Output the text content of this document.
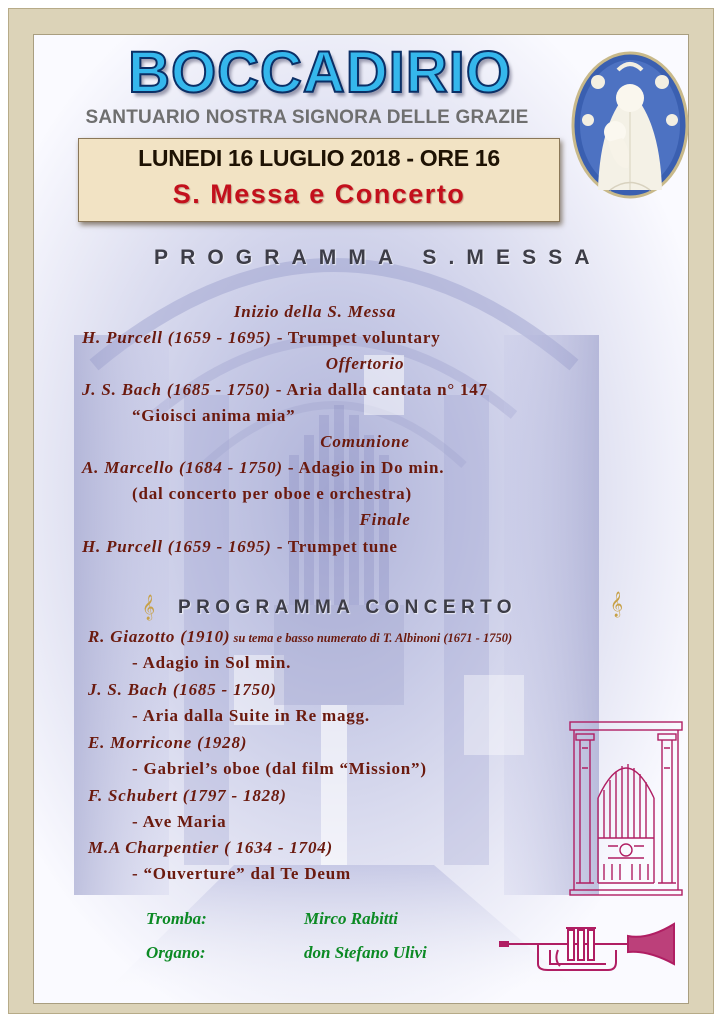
BOCCADIRIO
SANTUARIO NOSTRA SIGNORA DELLE GRAZIE
LUNEDI 16 LUGLIO 2018 - ORE 16
S. Messa e Concerto
PROGRAMMA S.MESSA
Inizio della S. Messa
H. Purcell (1659 - 1695) - Trumpet voluntary
Offertorio
J. S. Bach (1685 - 1750) - Aria dalla cantata n° 147
“Gioisci anima mia”
Comunione
A. Marcello (1684 - 1750) - Adagio in Do min.
(dal concerto per oboe e orchestra)
Finale
H. Purcell (1659 - 1695) - Trumpet tune
𝄞 PROGRAMMA CONCERTO	𝄞
R. Giazotto (1910) su tema e basso numerato di T. Albinoni (1671 - 1750)
- Adagio in Sol min.
J. S. Bach (1685 - 1750)
- Aria dalla Suite in Re magg.
E. Morricone (1928)
- Gabriel’s oboe (dal film “Mission”)
F. Schubert (1797 - 1828)
- Ave Maria
M.A Charpentier ( 1634 - 1704)
- “Ouverture” dal Te Deum
Tromba:	Mirco Rabitti
Organo:	don Stefano Ulivi
